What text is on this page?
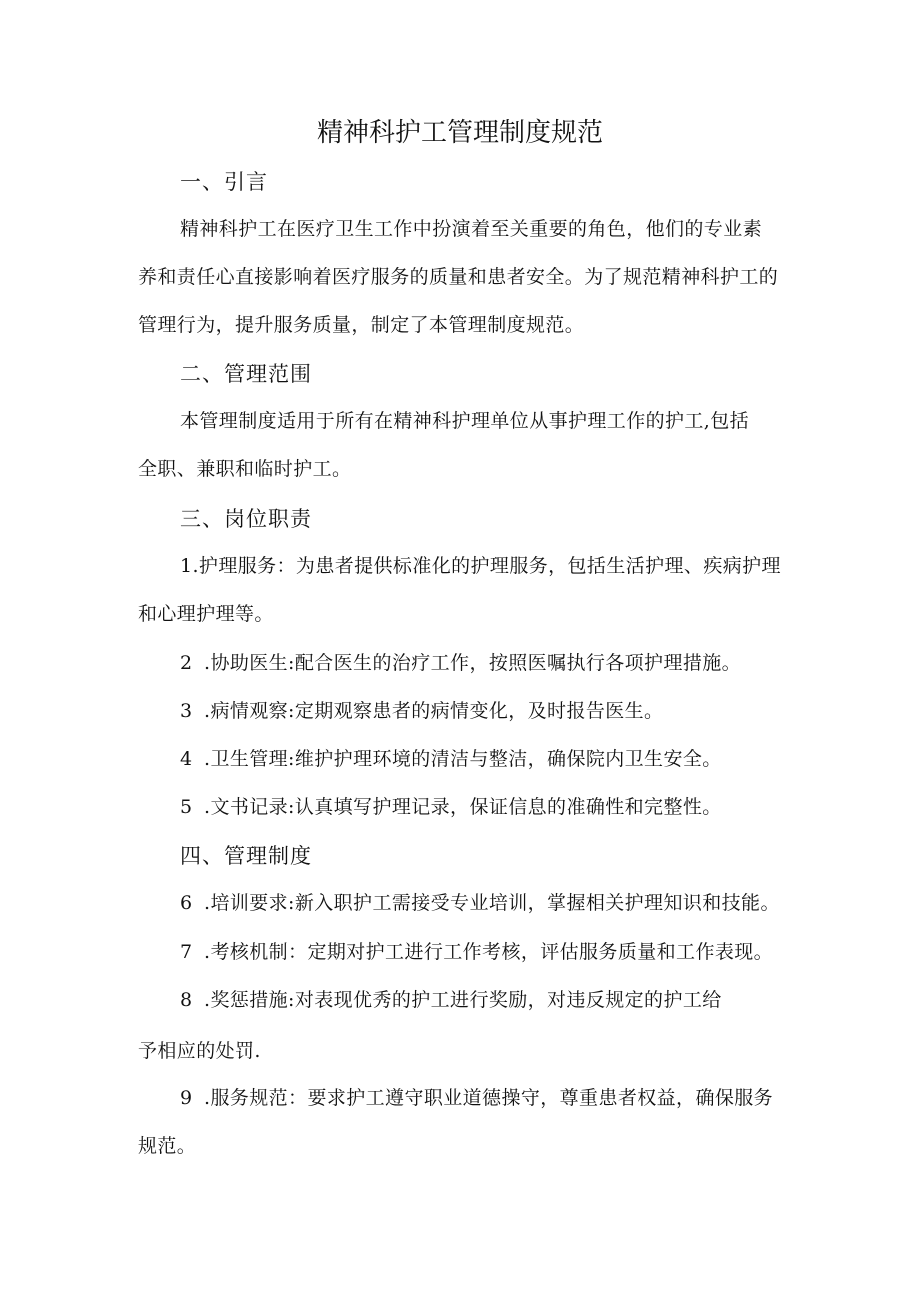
精神科护工管理制度规范
一、引言
精神科护工在医疗卫生工作中扮演着至关重要的角色，他们的专业素
养和责任心直接影响着医疗服务的质量和患者安全。为了规范精神科护工的
管理行为，提升服务质量，制定了本管理制度规范。
二、管理范围
本管理制度适用于所有在精神科护理单位从事护理工作的护工,包括
全职、兼职和临时护工。
三、岗位职责
1.护理服务：为患者提供标准化的护理服务，包括生活护理、疾病护理
和心理护理等。
2 .协助医生:配合医生的治疗工作，按照医嘱执行各项护理措施。
3 .病情观察:定期观察患者的病情变化，及时报告医生。
4 .卫生管理:维护护理环境的清洁与整洁，确保院内卫生安全。
5 .文书记录:认真填写护理记录，保证信息的准确性和完整性。
四、管理制度
6 .培训要求:新入职护工需接受专业培训，掌握相关护理知识和技能。
7 .考核机制：定期对护工进行工作考核，评估服务质量和工作表现。
8 .奖惩措施:对表现优秀的护工进行奖励，对违反规定的护工给
予相应的处罚.
9 .服务规范：要求护工遵守职业道德操守，尊重患者权益，确保服务
规范。
